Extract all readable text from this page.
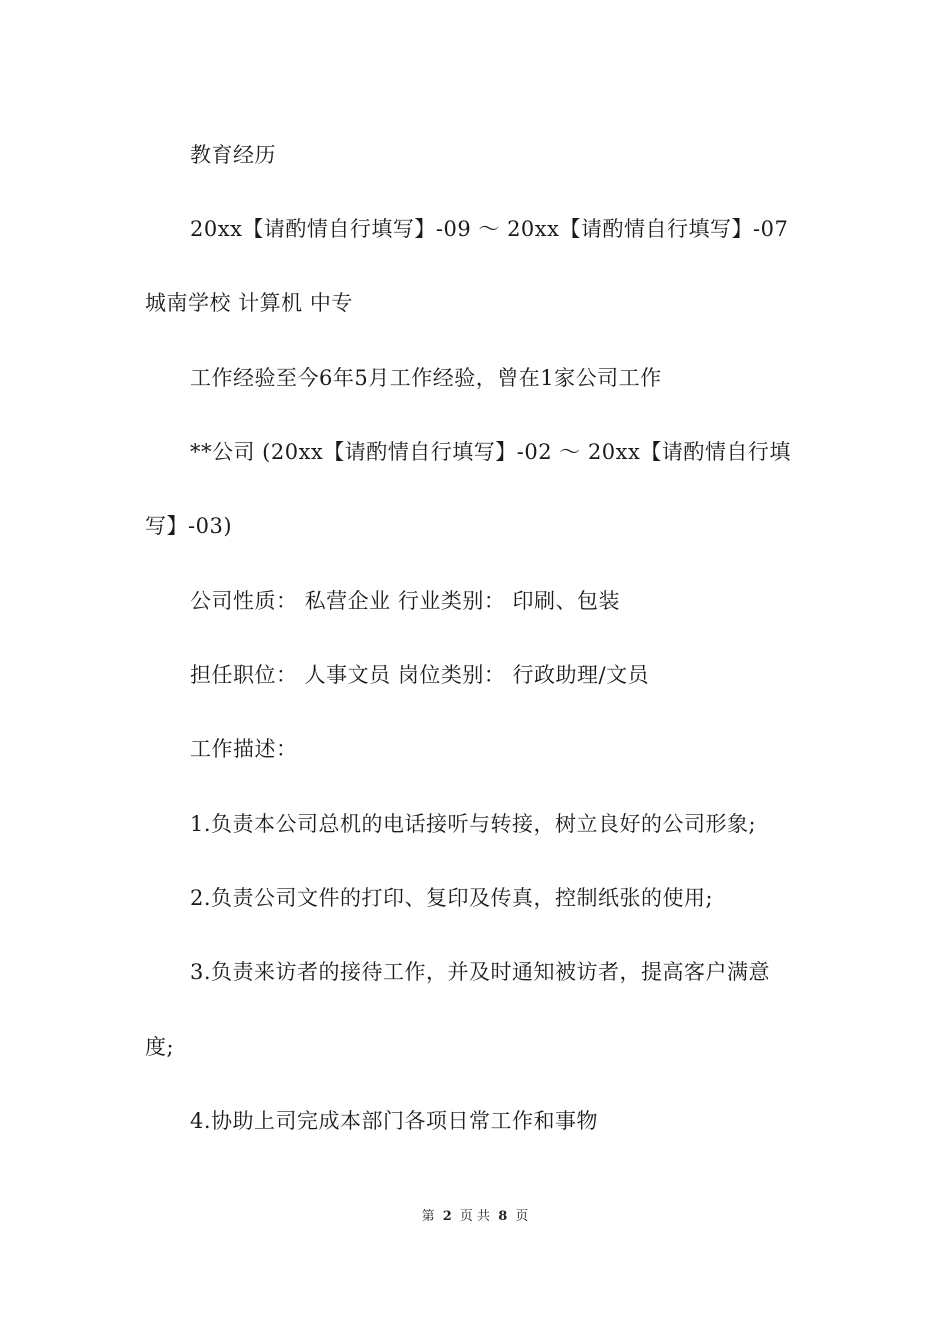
教育经历
20xx【请酌情自行填写】-09 ～ 20xx【请酌情自行填写】-07
城南学校 计算机 中专
工作经验至今6年5月工作经验，曾在1家公司工作
**公司 (20xx【请酌情自行填写】-02 ～ 20xx【请酌情自行填
写】-03)
公司性质： 私营企业 行业类别： 印刷、包装
担任职位： 人事文员 岗位类别： 行政助理/文员
工作描述：
1.负责本公司总机的电话接听与转接，树立良好的公司形象;
2.负责公司文件的打印、复印及传真，控制纸张的使用;
3.负责来访者的接待工作，并及时通知被访者，提高客户满意
度;
4.协助上司完成本部门各项日常工作和事物
第 2 页 共 8 页
